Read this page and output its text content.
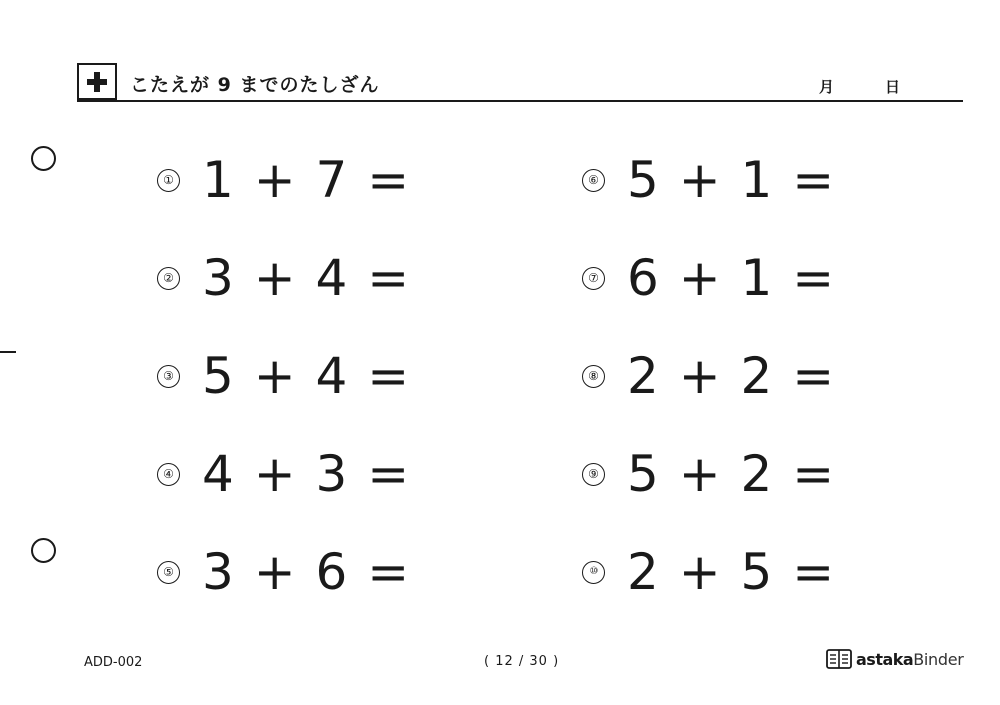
こたえが 9 までのたしざん	月	日
① 1 + 7 =
② 3 + 4 =
③ 5 + 4 =
④ 4 + 3 =
⑤ 3 + 6 =
⑥ 5 + 1 =
⑦ 6 + 1 =
⑧ 2 + 2 =
⑨ 5 + 2 =
⑩ 2 + 5 =
ADD-002	( 12 / 30 )	astaka Binder
